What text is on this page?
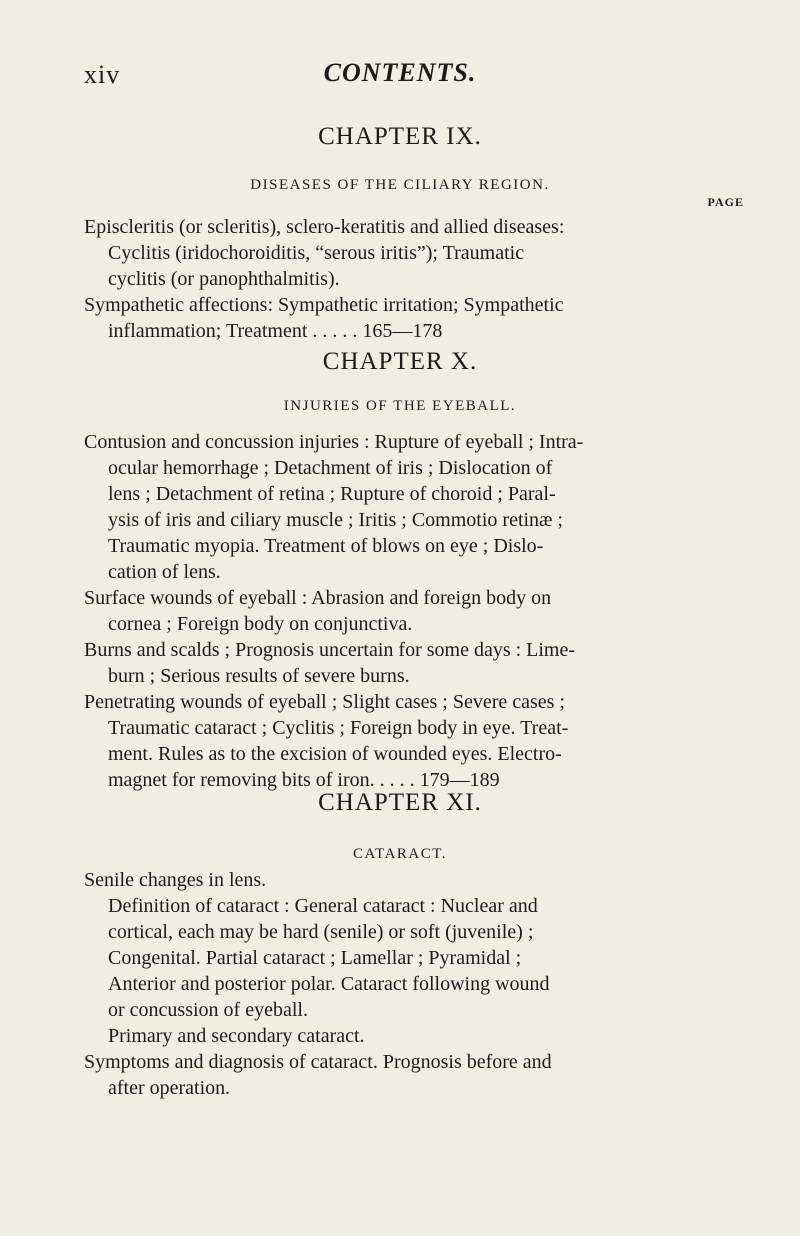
xiv	CONTENTS.
CHAPTER IX.
DISEASES OF THE CILIARY REGION.
PAGE
Episcleritis (or scleritis), sclero-keratitis and allied diseases:
Cyclitis (iridochoroiditis, “serous iritis”); Traumatic
cyclitis (or panophthalmitis).
Sympathetic affections: Sympathetic irritation; Sympathetic
inflammation; Treatment . . . . . 165—178
CHAPTER X.
INJURIES OF THE EYEBALL.
Contusion and concussion injuries : Rupture of eyeball ; Intra-
ocular hemorrhage ; Detachment of iris ; Dislocation of
lens ; Detachment of retina ; Rupture of choroid ; Paral-
ysis of iris and ciliary muscle ; Iritis ; Commotio retinæ ;
Traumatic myopia. Treatment of blows on eye ; Dislo-
cation of lens.
Surface wounds of eyeball : Abrasion and foreign body on
cornea ; Foreign body on conjunctiva.
Burns and scalds ; Prognosis uncertain for some days : Lime-
burn ; Serious results of severe burns.
Penetrating wounds of eyeball ; Slight cases ; Severe cases ;
Traumatic cataract ; Cyclitis ; Foreign body in eye. Treat-
ment. Rules as to the excision of wounded eyes. Electro-
magnet for removing bits of iron. . . . . 179—189
CHAPTER XI.
CATARACT.
Senile changes in lens.
Definition of cataract : General cataract : Nuclear and
cortical, each may be hard (senile) or soft (juvenile) ;
Congenital. Partial cataract ; Lamellar ; Pyramidal ;
Anterior and posterior polar. Cataract following wound
or concussion of eyeball.
Primary and secondary cataract.
Symptoms and diagnosis of cataract. Prognosis before and
after operation.
